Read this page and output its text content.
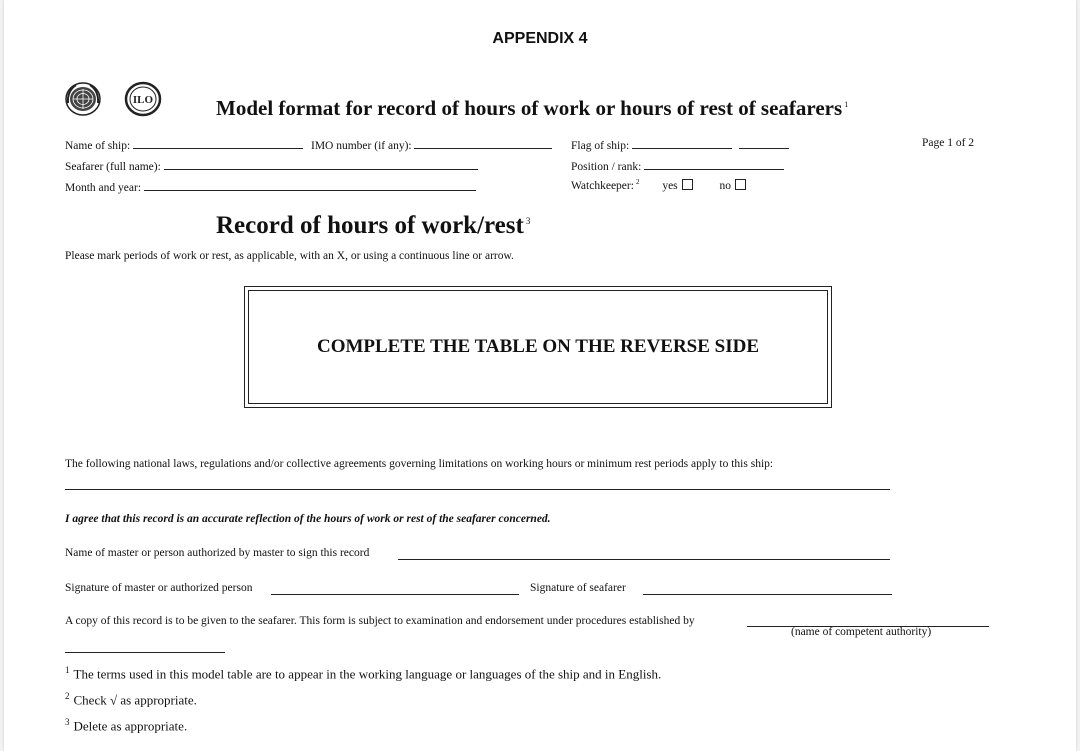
APPENDIX 4
ILO	Model format for record of hours of work or hours of rest of seafarers $^1$
Name of ship:	IMO number (if any):	Flag of ship:	Page 1 of 2
Seafarer (full name):	Position / rank:
Month and year:	Watchkeeper: $^2$ yes	no
Record of hours of work/rest $^3$
Please mark periods of work or rest, as applicable, with an X, or using a continuous line or arrow.
COMPLETE THE TABLE ON THE REVERSE SIDE
The following national laws, regulations and/or collective agreements governing limitations on working hours or minimum rest periods apply to this ship:
I agree that this record is an accurate reflection of the hours of work or rest of the seafarer concerned.
Name of master or person authorized by master to sign this record
Signature of master or authorized person	Signature of seafarer
A copy of this record is to be given to the seafarer. This form is subject to examination and endorsement under procedures established by
(name of competent authority)
$^1$ The terms used in this model table are to appear in the working language or languages of the ship and in English.
$^2$ Check √ as appropriate.
$^3$ Delete as appropriate.
